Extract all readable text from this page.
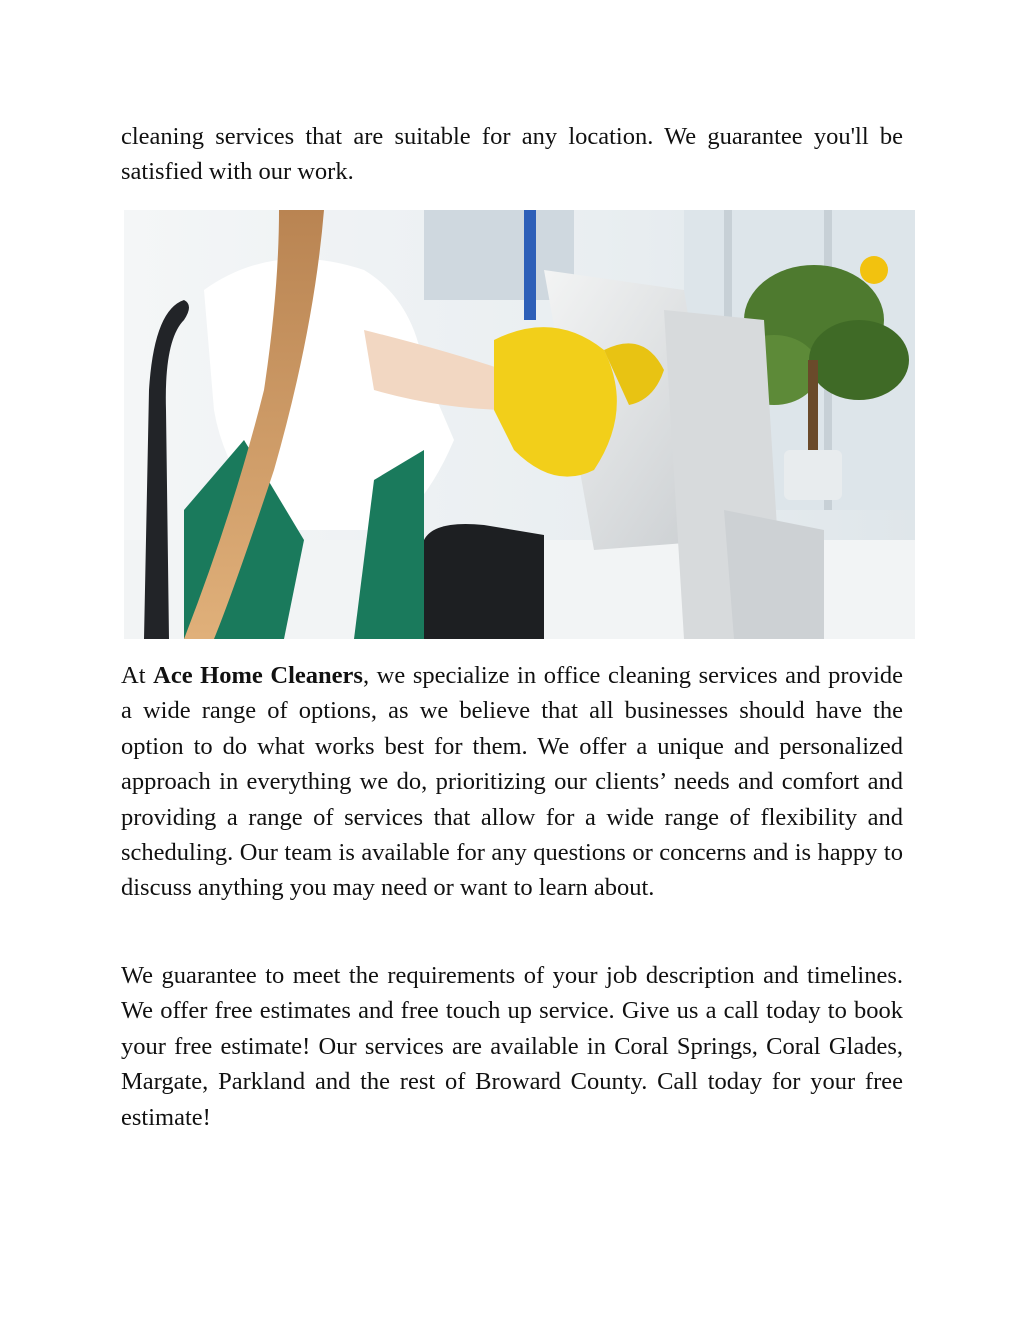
cleaning services that are suitable for any location. We guarantee you'll be satisfied with our work.

At Ace Home Cleaners, we specialize in office cleaning services and provide a wide range of options, as we believe that all businesses should have the option to do what works best for them. We offer a unique and personalized approach in everything we do, prioritizing our clients’ needs and comfort and providing a range of services that allow for a wide range of flexibility and scheduling. Our team is available for any questions or concerns and is happy to discuss anything you may need or want to learn about.

We guarantee to meet the requirements of your job description and timelines. We offer free estimates and free touch up service. Give us a call today to book your free estimate! Our services are available in Coral Springs, Coral Glades, Margate, Parkland and the rest of Broward County. Call today for your free estimate!
